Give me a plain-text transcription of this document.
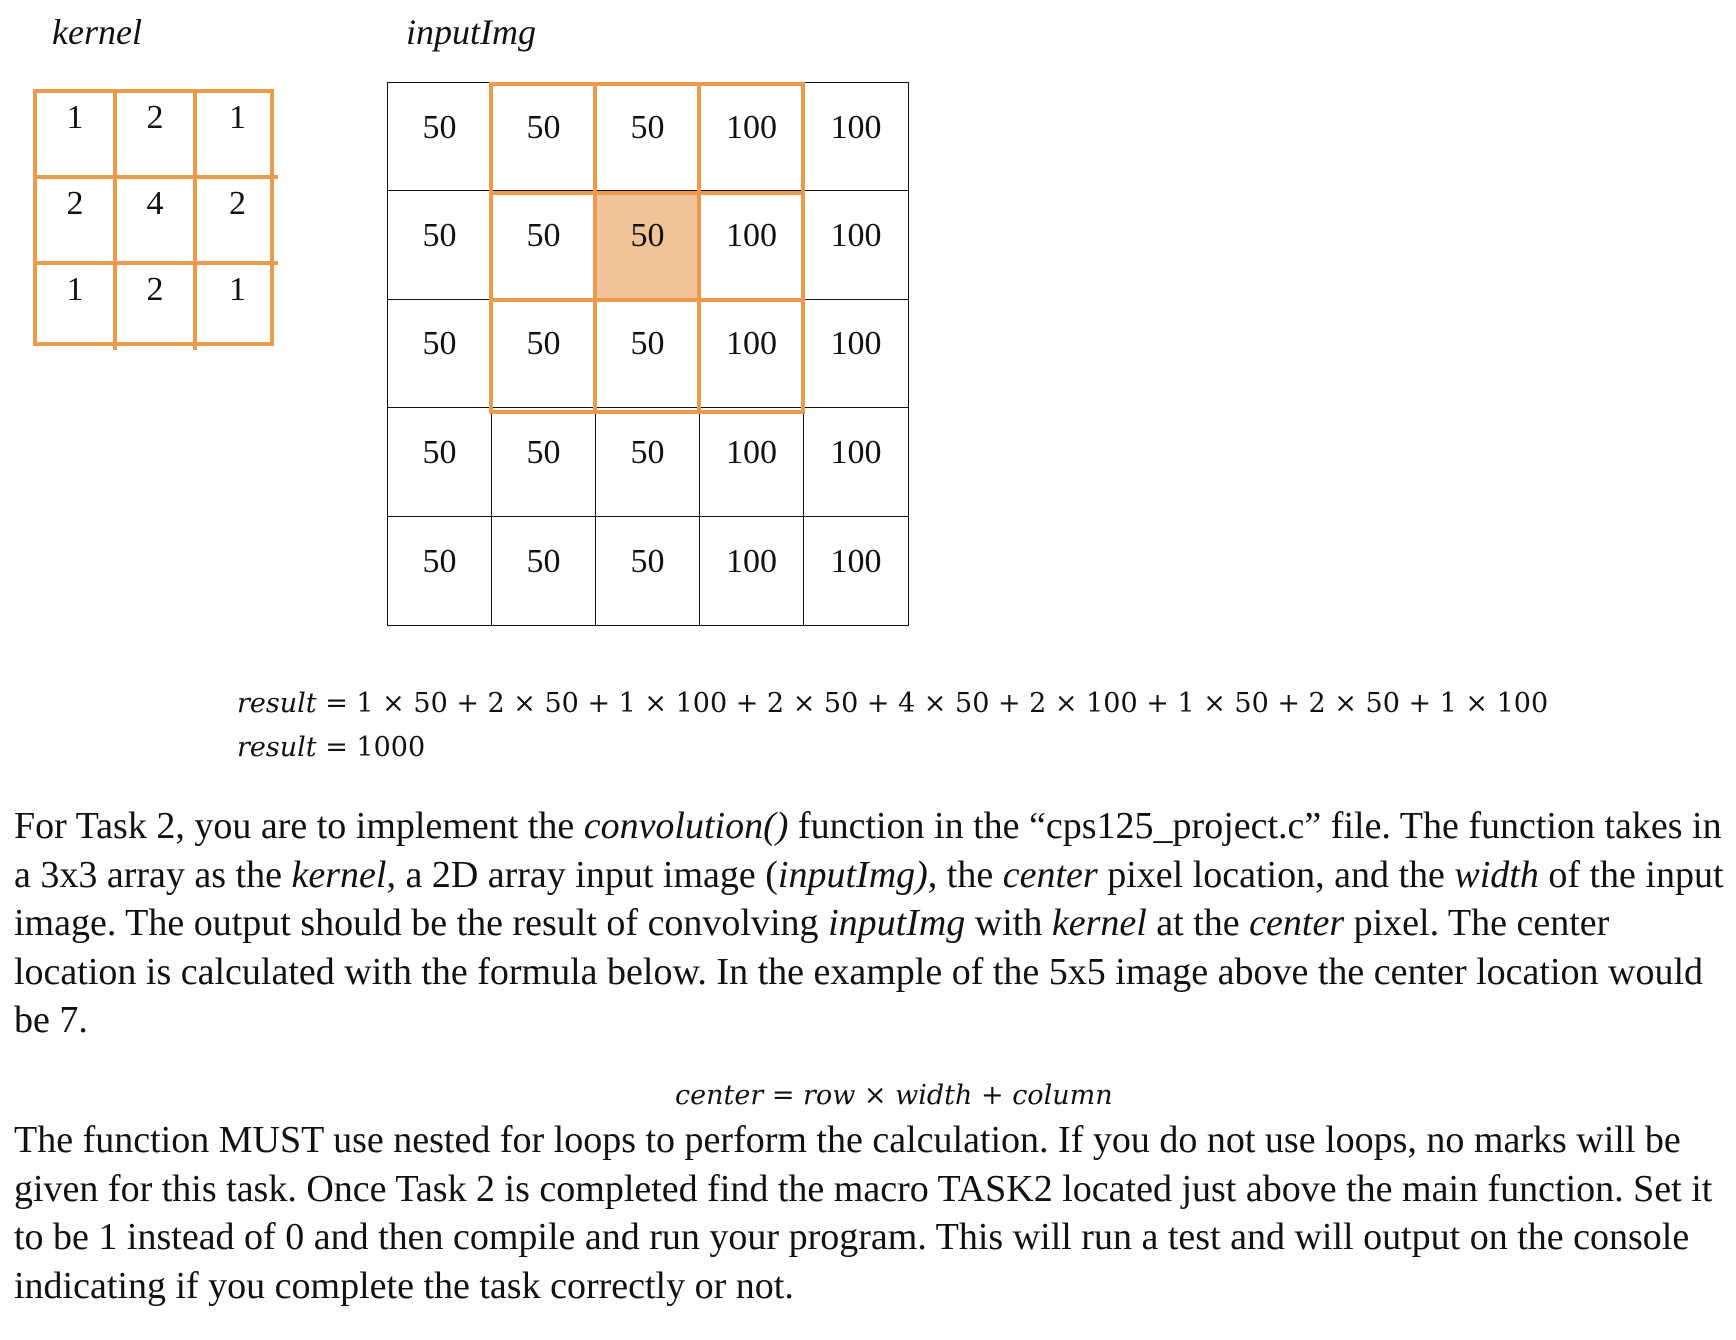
kernel	inputImg
1	2	1
2	4	2
1	2	1
50	50	50	100	100
50	50	50	100	100
50	50	50	100	100
50	50	50	100	100
50	50	50	100	100
result = 1 × 50 + 2 × 50 + 1 × 100 + 2 × 50 + 4 × 50 + 2 × 100 + 1 × 50 + 2 × 50 + 1 × 100
result = 1000
For Task 2, you are to implement the convolution() function in the “cps125_project.c” file. The function takes in a 3x3 array as the kernel, a 2D array input image (inputImg), the center pixel location, and the width of the input image. The output should be the result of convolving inputImg with kernel at the center pixel. The center location is calculated with the formula below. In the example of the 5x5 image above the center location would be 7.
center = row × width + column
The function MUST use nested for loops to perform the calculation. If you do not use loops, no marks will be given for this task. Once Task 2 is completed find the macro TASK2 located just above the main function. Set it to be 1 instead of 0 and then compile and run your program. This will run a test and will output on the console indicating if you complete the task correctly or not.
